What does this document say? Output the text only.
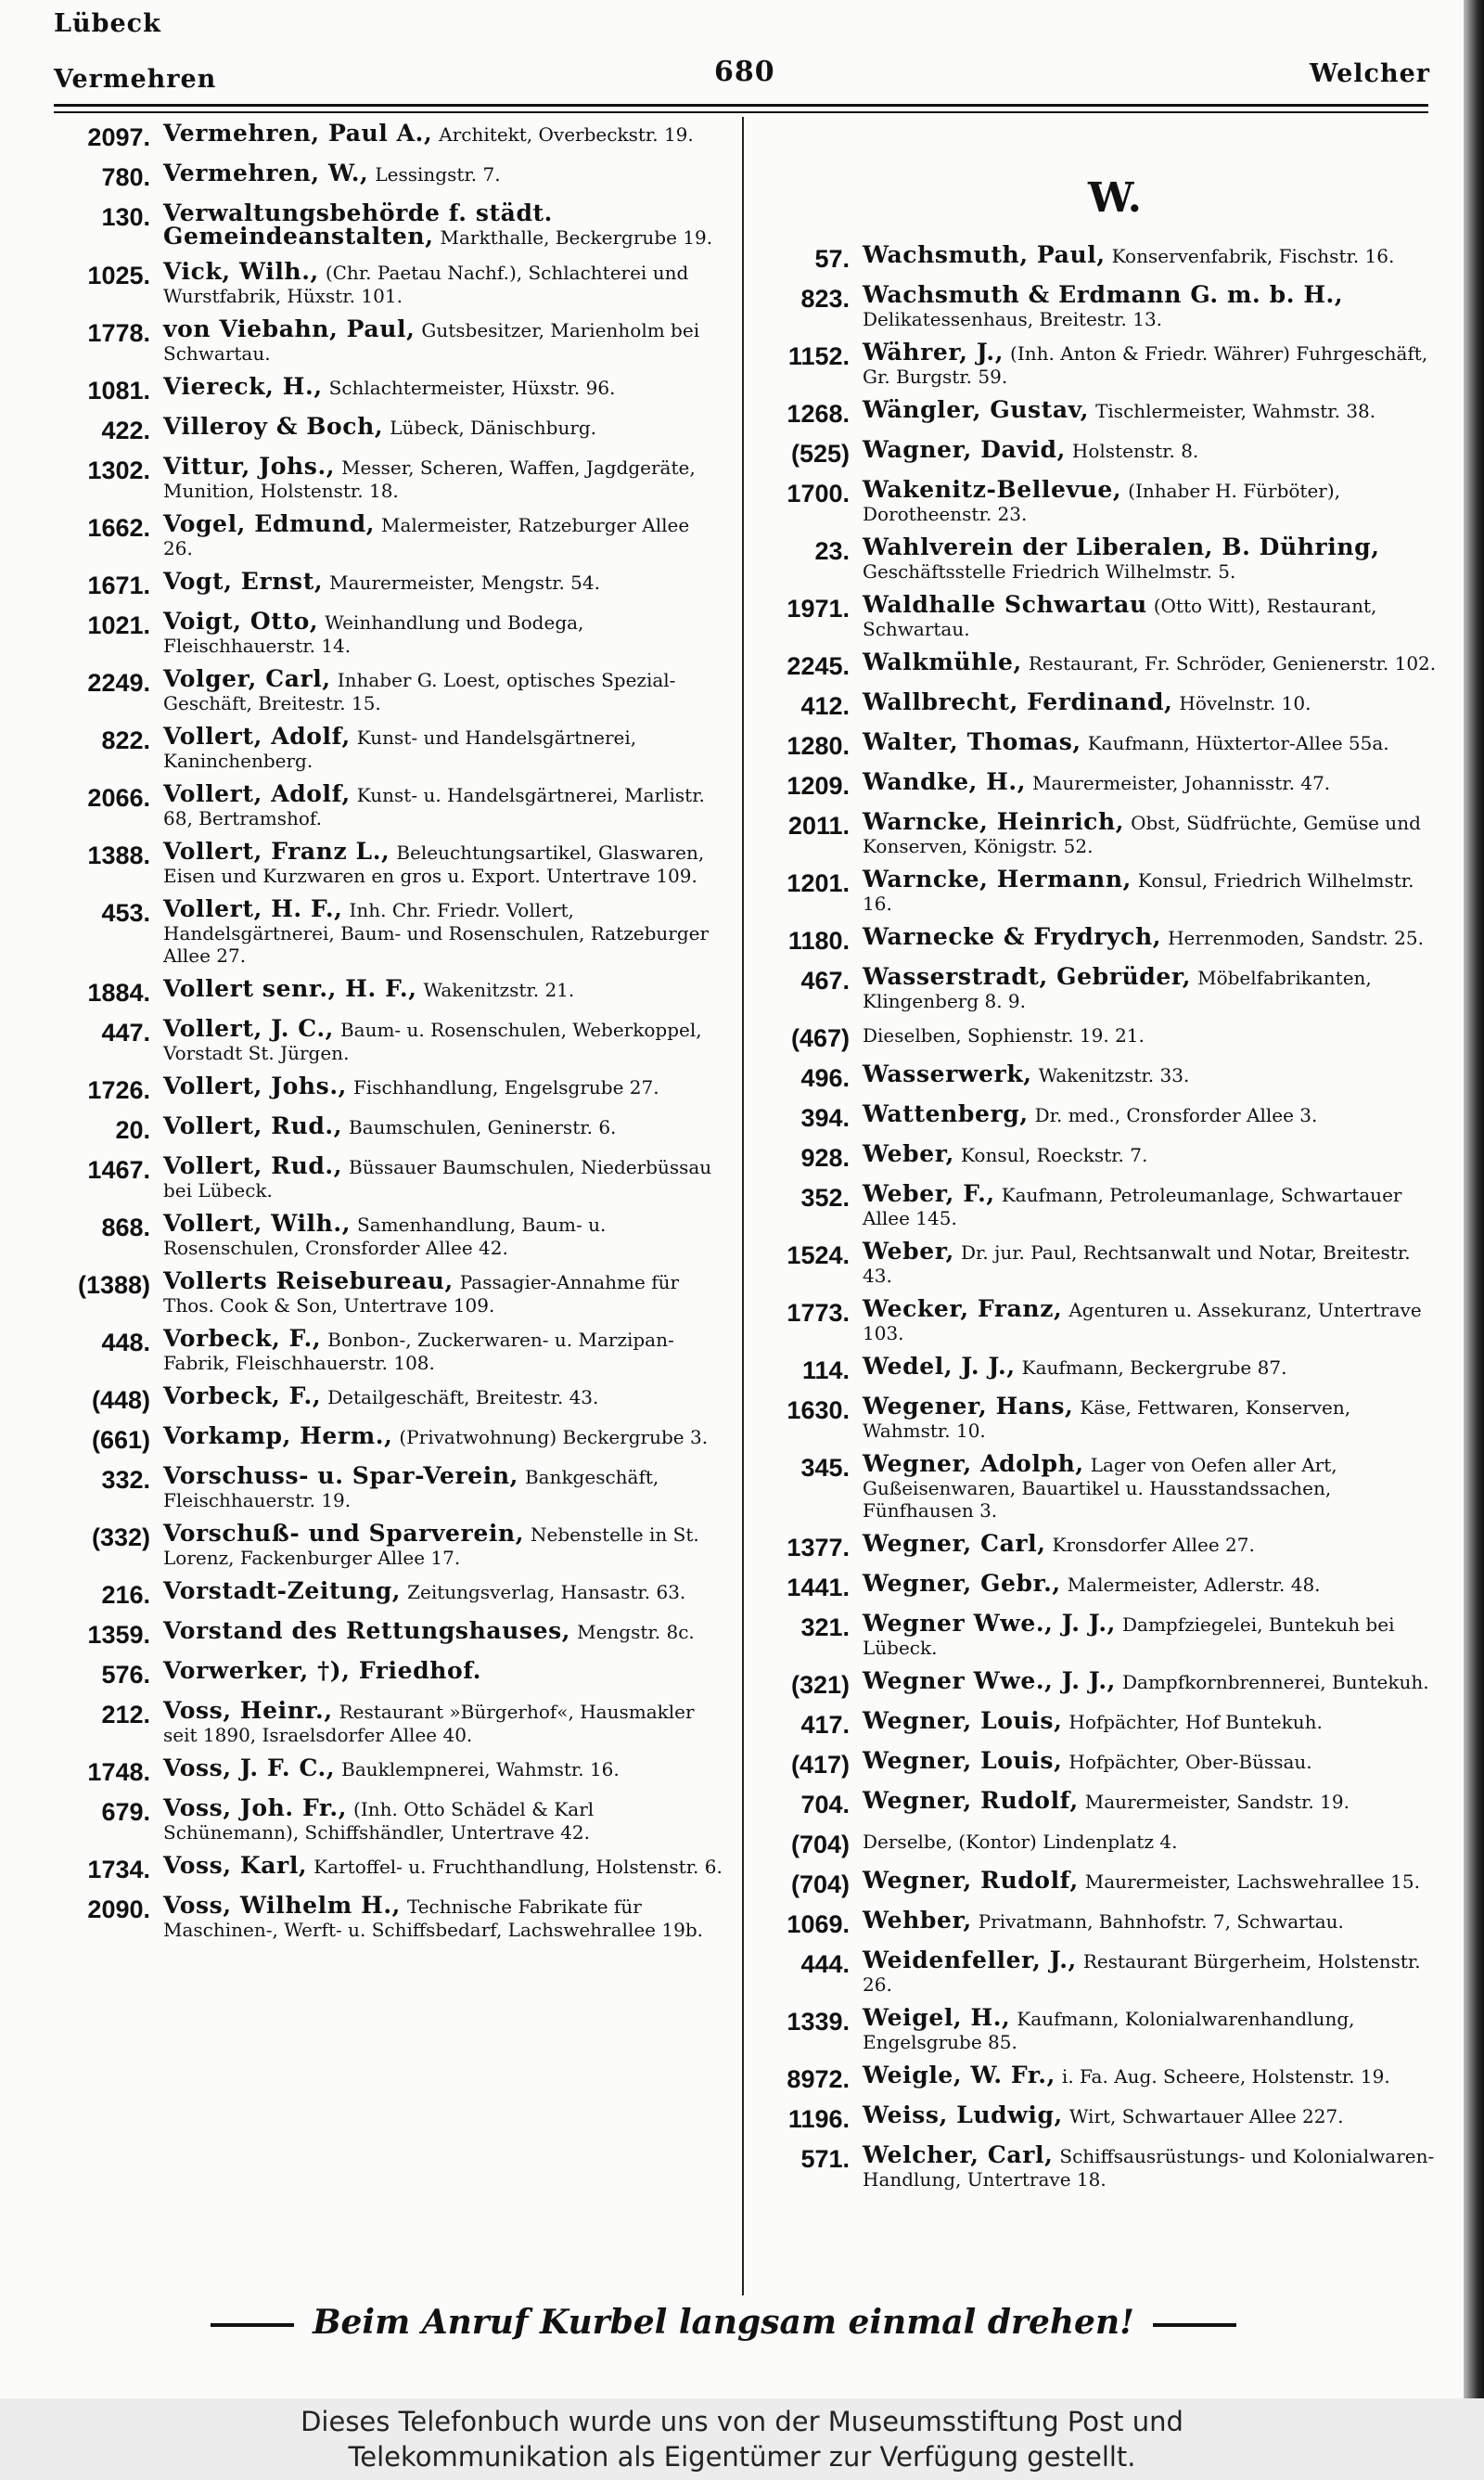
Lübeck
Vermehren	680	Welcher
2097. Vermehren, Paul A., Architekt, Overbeckstr. 19.
780. Vermehren, W., Lessingstr. 7.
130. Verwaltungsbehörde f. städt. Gemeindeanstalten, Markthalle, Beckergrube 19.
1025. Vick, Wilh., (Chr. Paetau Nachf.), Schlachterei und Wurstfabrik, Hüxstr. 101.
1778. von Viebahn, Paul, Gutsbesitzer, Marienholm bei Schwartau.
1081. Viereck, H., Schlachtermeister, Hüxstr. 96.
422. Villeroy & Boch, Lübeck, Dänischburg.
1302. Vittur, Johs., Messer, Scheren, Waffen, Jagdgeräte, Munition, Holstenstr. 18.
1662. Vogel, Edmund, Malermeister, Ratzeburger Allee 26.
1671. Vogt, Ernst, Maurermeister, Mengstr. 54.
1021. Voigt, Otto, Weinhandlung und Bodega, Fleischhauerstr. 14.
2249. Volger, Carl, Inhaber G. Loest, optisches Spezial-Geschäft, Breitestr. 15.
822. Vollert, Adolf, Kunst- und Handelsgärtnerei, Kaninchenberg.
2066. Vollert, Adolf, Kunst- u. Handelsgärtnerei, Marlistr. 68, Bertramshof.
1388. Vollert, Franz L., Beleuchtungsartikel, Glaswaren, Eisen und Kurzwaren en gros u. Export. Untertrave 109.
453. Vollert, H. F., Inh. Chr. Friedr. Vollert, Handelsgärtnerei, Baum- und Rosenschulen, Ratzeburger Allee 27.
1884. Vollert senr., H. F., Wakenitzstr. 21.
447. Vollert, J. C., Baum- u. Rosenschulen, Weberkoppel, Vorstadt St. Jürgen.
1726. Vollert, Johs., Fischhandlung, Engelsgrube 27.
20. Vollert, Rud., Baumschulen, Geninerstr. 6.
1467. Vollert, Rud., Büssauer Baumschulen, Niederbüssau bei Lübeck.
868. Vollert, Wilh., Samenhandlung, Baum- u. Rosenschulen, Cronsforder Allee 42.
(1388) Vollerts Reisebureau, Passagier-Annahme für Thos. Cook & Son, Untertrave 109.
448. Vorbeck, F., Bonbon-, Zuckerwaren- u. Marzipan-Fabrik, Fleischhauerstr. 108.
(448) Vorbeck, F., Detailgeschäft, Breitestr. 43.
(661) Vorkamp, Herm., (Privatwohnung) Beckergrube 3.
332. Vorschuss- u. Spar-Verein, Bankgeschäft, Fleischhauerstr. 19.
(332) Vorschuß- und Sparverein, Nebenstelle in St. Lorenz, Fackenburger Allee 17.
216. Vorstadt-Zeitung, Zeitungsverlag, Hansastr. 63.
1359. Vorstand des Rettungshauses, Mengstr. 8c.
576. Vorwerker, †), Friedhof.
212. Voss, Heinr., Restaurant »Bürgerhof«, Hausmakler seit 1890, Israelsdorfer Allee 40.
1748. Voss, J. F. C., Bauklempnerei, Wahmstr. 16.
679. Voss, Joh. Fr., (Inh. Otto Schädel & Karl Schünemann), Schiffshändler, Untertrave 42.
1734. Voss, Karl, Kartoffel- u. Fruchthandlung, Holstenstr. 6.
2090. Voss, Wilhelm H., Technische Fabrikate für Maschinen-, Werft- u. Schiffsbedarf, Lachswehrallee 19b.
W.
57. Wachsmuth, Paul, Konservenfabrik, Fischstr. 16.
823. Wachsmuth & Erdmann G. m. b. H., Delikatessenhaus, Breitestr. 13.
1152. Währer, J., (Inh. Anton & Friedr. Währer) Fuhrgeschäft, Gr. Burgstr. 59.
1268. Wängler, Gustav, Tischlermeister, Wahmstr. 38.
(525) Wagner, David, Holstenstr. 8.
1700. Wakenitz-Bellevue, (Inhaber H. Fürböter), Dorotheenstr. 23.
23. Wahlverein der Liberalen, B. Dühring, Geschäftsstelle Friedrich Wilhelmstr. 5.
1971. Waldhalle Schwartau (Otto Witt), Restaurant, Schwartau.
2245. Walkmühle, Restaurant, Fr. Schröder, Genienerstr. 102.
412. Wallbrecht, Ferdinand, Hövelnstr. 10.
1280. Walter, Thomas, Kaufmann, Hüxtertor-Allee 55a.
1209. Wandke, H., Maurermeister, Johannisstr. 47.
2011. Warncke, Heinrich, Obst, Südfrüchte, Gemüse und Konserven, Königstr. 52.
1201. Warncke, Hermann, Konsul, Friedrich Wilhelmstr. 16.
1180. Warnecke & Frydrych, Herrenmoden, Sandstr. 25.
467. Wasserstradt, Gebrüder, Möbelfabrikanten, Klingenberg 8. 9.
(467) Dieselben, Sophienstr. 19. 21.
496. Wasserwerk, Wakenitzstr. 33.
394. Wattenberg, Dr. med., Cronsforder Allee 3.
928. Weber, Konsul, Roeckstr. 7.
352. Weber, F., Kaufmann, Petroleumanlage, Schwartauer Allee 145.
1524. Weber, Dr. jur. Paul, Rechtsanwalt und Notar, Breitestr. 43.
1773. Wecker, Franz, Agenturen u. Assekuranz, Untertrave 103.
114. Wedel, J. J., Kaufmann, Beckergrube 87.
1630. Wegener, Hans, Käse, Fettwaren, Konserven, Wahmstr. 10.
345. Wegner, Adolph, Lager von Oefen aller Art, Gußeisenwaren, Bauartikel u. Hausstandssachen, Fünfhausen 3.
1377. Wegner, Carl, Kronsdorfer Allee 27.
1441. Wegner, Gebr., Malermeister, Adlerstr. 48.
321. Wegner Wwe., J. J., Dampfziegelei, Buntekuh bei Lübeck.
(321) Wegner Wwe., J. J., Dampfkornbrennerei, Buntekuh.
417. Wegner, Louis, Hofpächter, Hof Buntekuh.
(417) Wegner, Louis, Hofpächter, Ober-Büssau.
704. Wegner, Rudolf, Maurermeister, Sandstr. 19.
(704) Derselbe, (Kontor) Lindenplatz 4.
(704) Wegner, Rudolf, Maurermeister, Lachswehrallee 15.
1069. Wehber, Privatmann, Bahnhofstr. 7, Schwartau.
444. Weidenfeller, J., Restaurant Bürgerheim, Holstenstr. 26.
1339. Weigel, H., Kaufmann, Kolonialwarenhandlung, Engelsgrube 85.
8972. Weigle, W. Fr., i. Fa. Aug. Scheere, Holstenstr. 19.
1196. Weiss, Ludwig, Wirt, Schwartauer Allee 227.
571. Welcher, Carl, Schiffsausrüstungs- und Kolonialwaren-Handlung, Untertrave 18.
Beim Anruf Kurbel langsam einmal drehen!
Dieses Telefonbuch wurde uns von der Museumsstiftung Post und
Telekommunikation als Eigentümer zur Verfügung gestellt.
